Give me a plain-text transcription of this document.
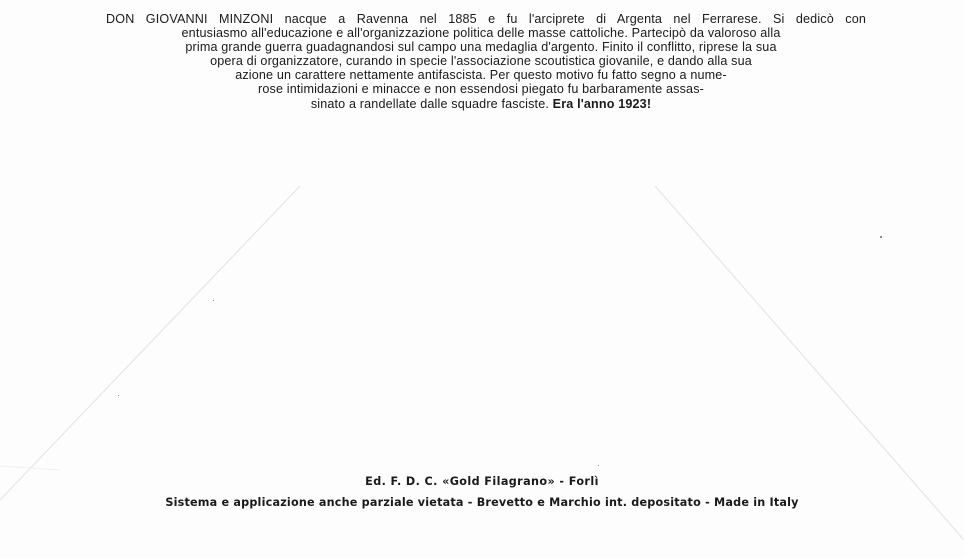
DON GIOVANNI MINZONI nacque a Ravenna nel 1885 e fu l'arciprete di Argenta nel Ferrarese. Si dedicò con
entusiasmo all'educazione e all'organizzazione politica delle masse cattoliche. Partecipò da valoroso alla
prima grande guerra guadagnandosi sul campo una medaglia d'argento. Finito il conflitto, riprese la sua
opera di organizzatore, curando in specie l'associazione scoutistica giovanile, e dando alla sua
azione un carattere nettamente antifascista. Per questo motivo fu fatto segno a nume-
rose intimidazioni e minacce e non essendosi piegato fu barbaramente assas-
sinato a randellate dalle squadre fasciste. Era l'anno 1923!
Ed. F. D. C. «Gold Filagrano» - Forlì
Sistema e applicazione anche parziale vietata - Brevetto e Marchio int. depositato - Made in Italy
